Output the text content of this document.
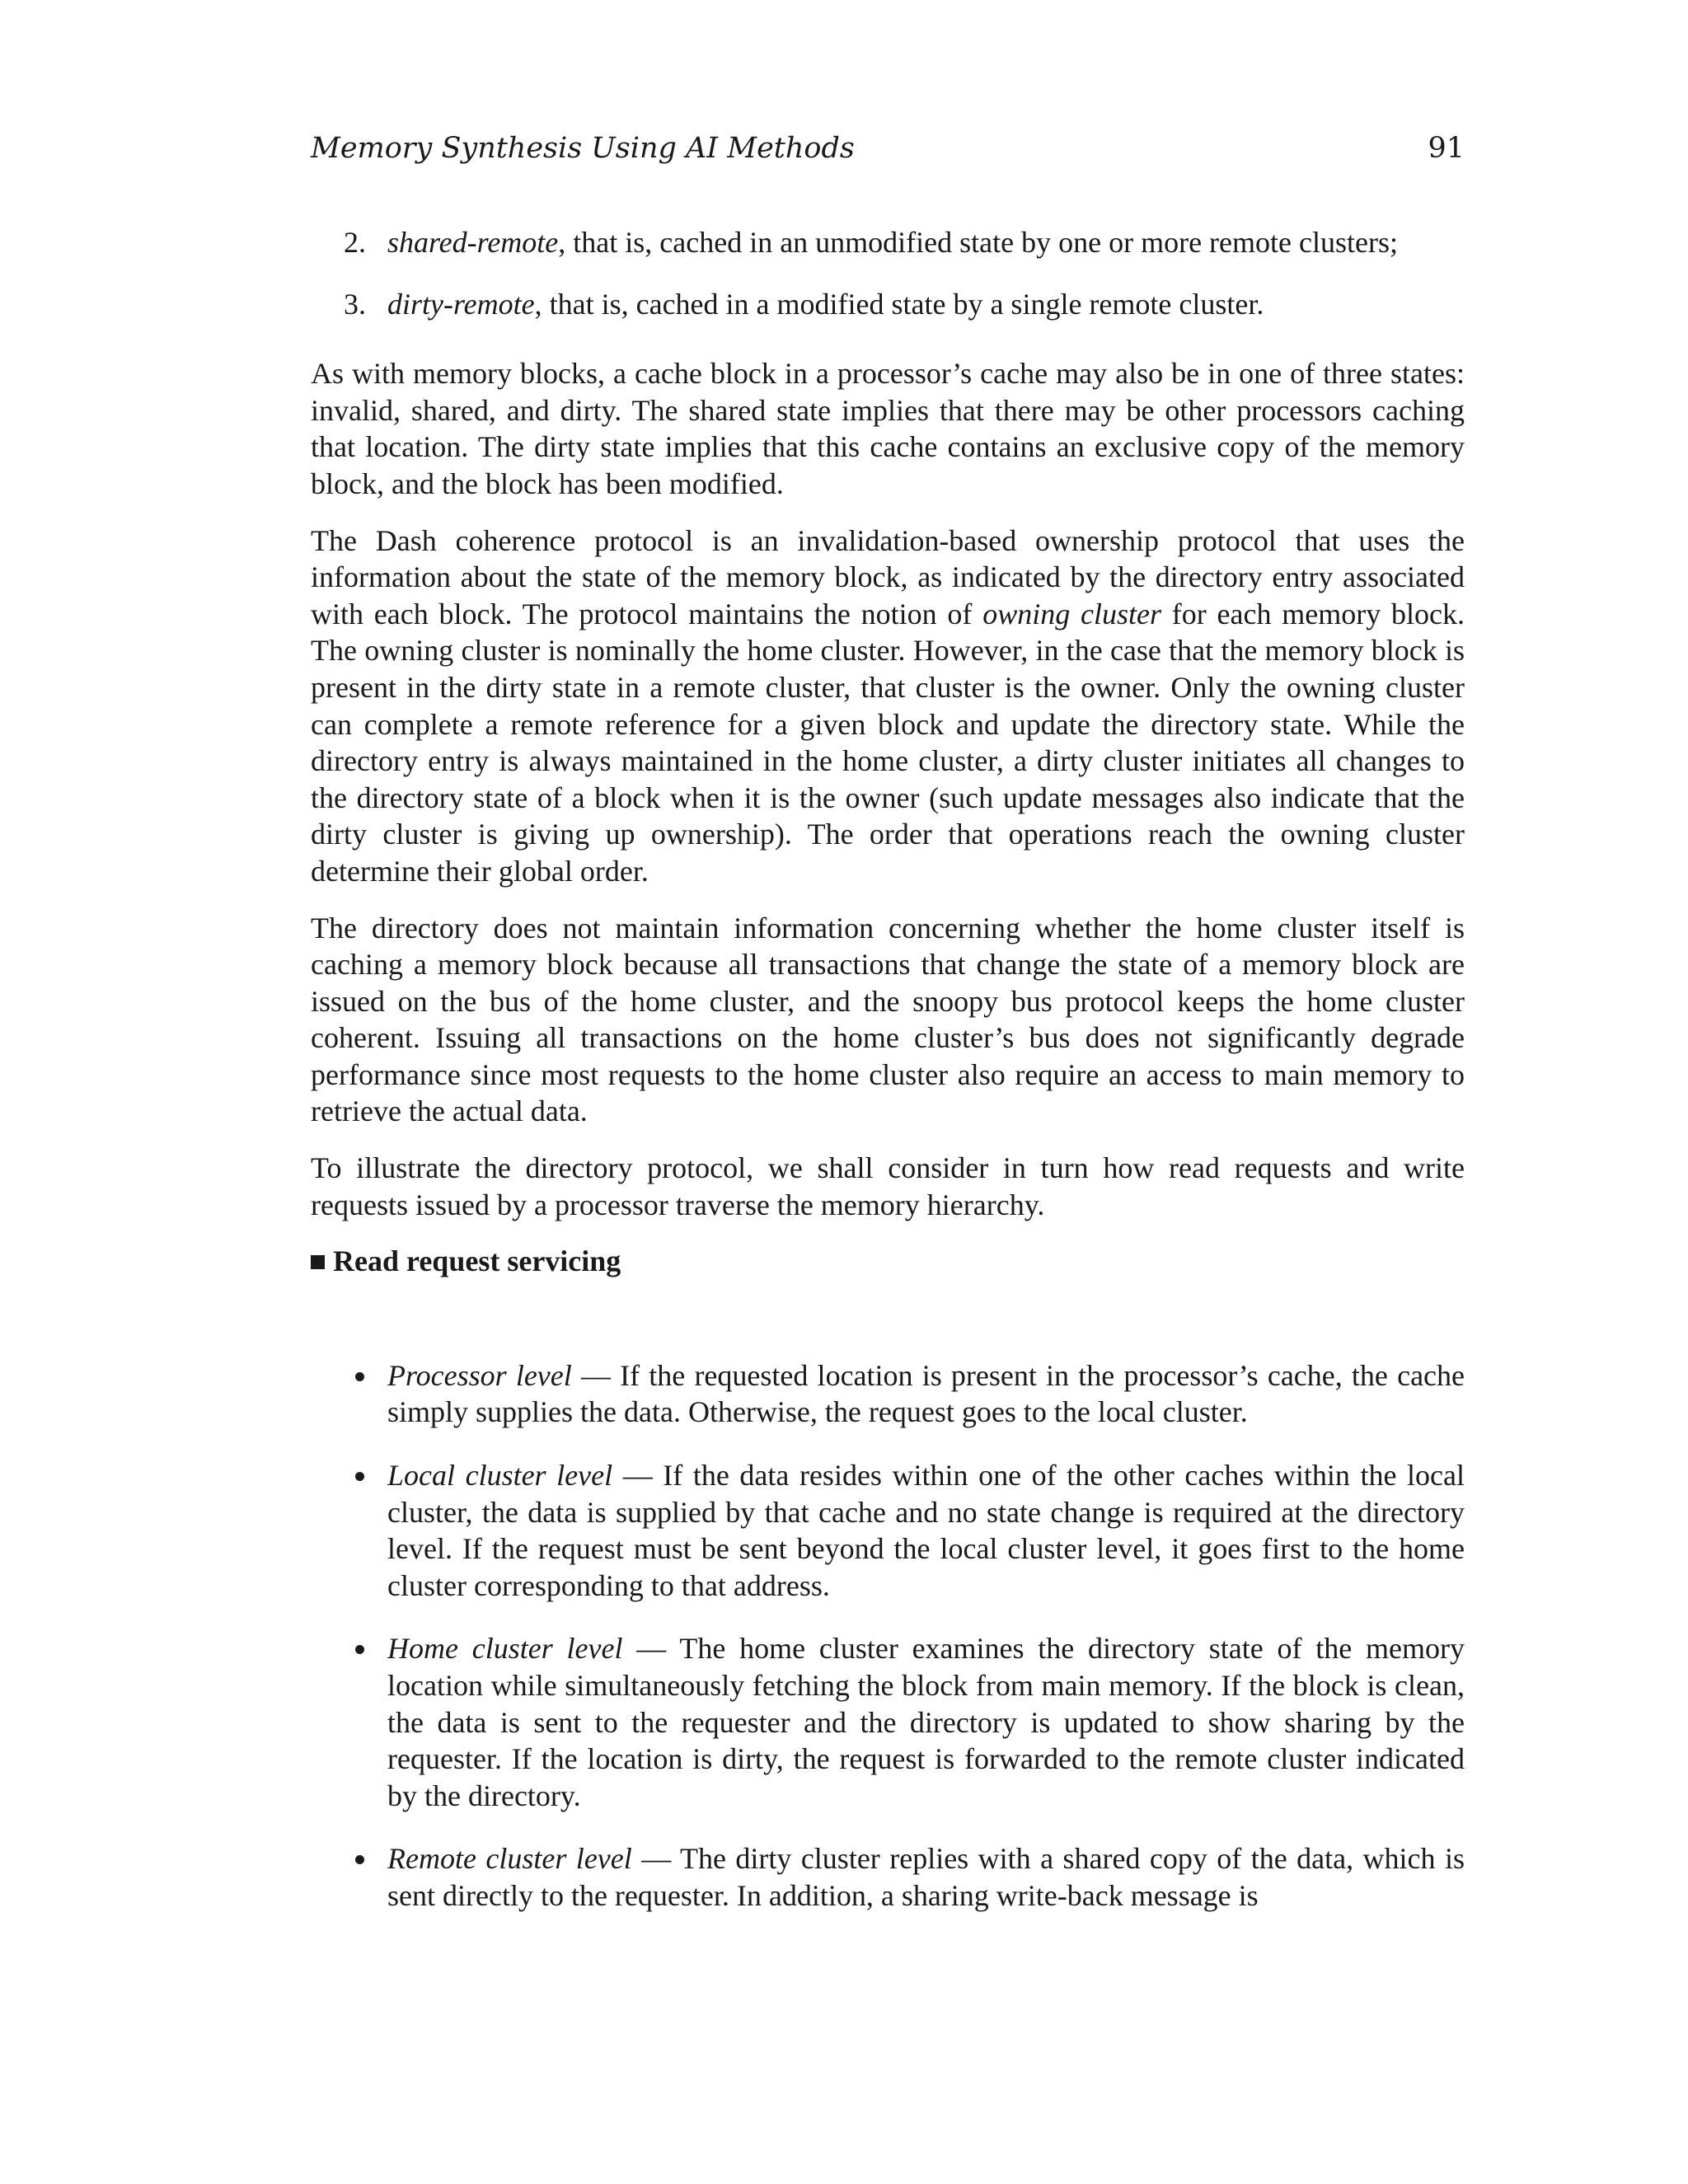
Memory Synthesis Using AI Methods	91
2. shared-remote, that is, cached in an unmodified state by one or more remote clusters;
3. dirty-remote, that is, cached in a modified state by a single remote cluster.

As with memory blocks, a cache block in a processor’s cache may also be in one of three states: invalid, shared, and dirty. The shared state implies that there may be other processors caching that location. The dirty state implies that this cache contains an exclusive copy of the memory block, and the block has been modified.

The Dash coherence protocol is an invalidation-based ownership protocol that uses the information about the state of the memory block, as indicated by the directory entry associated with each block. The protocol maintains the notion of owning cluster for each memory block. The owning cluster is nominally the home cluster. However, in the case that the memory block is present in the dirty state in a remote cluster, that cluster is the owner. Only the owning cluster can complete a remote reference for a given block and update the directory state. While the directory entry is always maintained in the home cluster, a dirty cluster initiates all changes to the directory state of a block when it is the owner (such update messages also indicate that the dirty cluster is giving up ownership). The order that operations reach the owning cluster determine their global order.

The directory does not maintain information concerning whether the home cluster itself is caching a memory block because all transactions that change the state of a memory block are issued on the bus of the home cluster, and the snoopy bus protocol keeps the home cluster coherent. Issuing all transactions on the home cluster’s bus does not significantly degrade performance since most requests to the home cluster also require an access to main memory to retrieve the actual data.

To illustrate the directory protocol, we shall consider in turn how read requests and write requests issued by a processor traverse the memory hierarchy.

Read request servicing
Processor level — If the requested location is present in the processor’s cache, the cache simply supplies the data. Otherwise, the request goes to the local cluster.
Local cluster level — If the data resides within one of the other caches within the local cluster, the data is supplied by that cache and no state change is required at the directory level. If the request must be sent beyond the local cluster level, it goes first to the home cluster corresponding to that address.
Home cluster level — The home cluster examines the directory state of the memory location while simultaneously fetching the block from main memory. If the block is clean, the data is sent to the requester and the directory is updated to show sharing by the requester. If the location is dirty, the request is forwarded to the remote cluster indicated by the directory.
Remote cluster level — The dirty cluster replies with a shared copy of the data, which is sent directly to the requester. In addition, a sharing write-back message is
